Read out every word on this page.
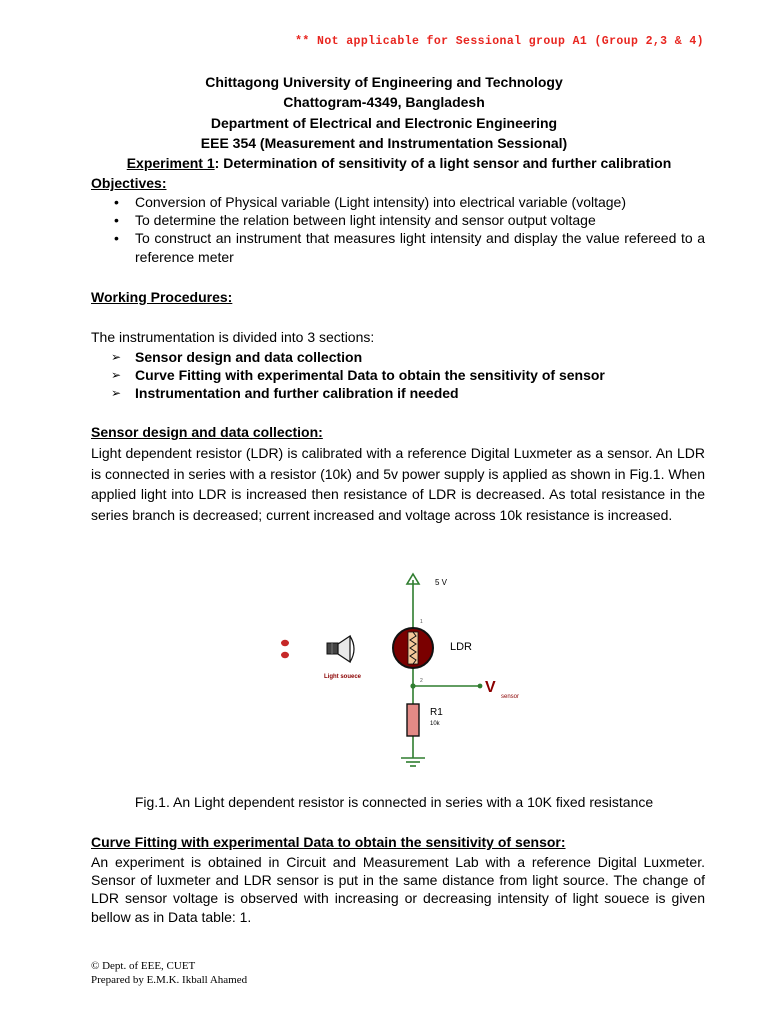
** Not applicable for Sessional group A1 (Group 2,3 & 4)
Chittagong University of Engineering and Technology
Chattogram-4349, Bangladesh
Department of Electrical and Electronic Engineering
EEE 354 (Measurement and Instrumentation Sessional)
Experiment 1: Determination of sensitivity of a light sensor and further calibration
Objectives:
• Conversion of Physical variable (Light intensity) into electrical variable (voltage)
• To determine the relation between light intensity and sensor output voltage
• To construct an instrument that measures light intensity and display the value refereed to a reference meter
Working Procedures:
The instrumentation is divided into 3 sections:
➢ Sensor design and data collection
➢ Curve Fitting with experimental Data to obtain the sensitivity of sensor
➢ Instrumentation and further calibration if needed
Sensor design and data collection:
Light dependent resistor (LDR) is calibrated with a reference Digital Luxmeter as a sensor. An LDR is connected in series with a resistor (10k) and 5v power supply is applied as shown in Fig.1. When applied light into LDR is increased then resistance of LDR is decreased. As total resistance in the series branch is decreased; current increased and voltage across 10k resistance is increased.
5 V
1
LDR
2	V
sensor
R1
10k
Light souece
Fig.1. An Light dependent resistor is connected in series with a 10K fixed resistance
Curve Fitting with experimental Data to obtain the sensitivity of sensor:
An experiment is obtained in Circuit and Measurement Lab with a reference Digital Luxmeter. Sensor of luxmeter and LDR sensor is put in the same distance from light source. The change of LDR sensor voltage is observed with increasing or decreasing intensity of light souece is given bellow as in Data table: 1.
© Dept. of EEE, CUET
Prepared by E.M.K. Ikball Ahamed
